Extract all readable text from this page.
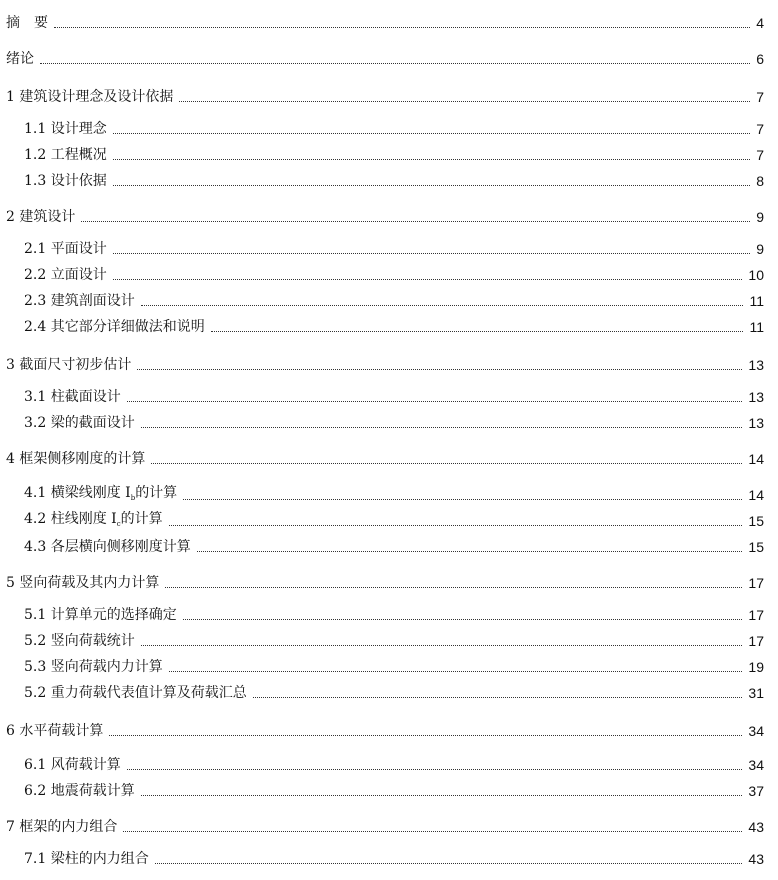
摘　要	4
绪论	6
1 建筑设计理念及设计依据	7
1.1 设计理念	7
1.2 工程概况	7
1.3 设计依据	8
2 建筑设计	9
2.1 平面设计	9
2.2 立面设计	10
2.3 建筑剖面设计	11
2.4 其它部分详细做法和说明	11
3 截面尺寸初步估计	13
3.1 柱截面设计	13
3.2 梁的截面设计	13
4 框架侧移刚度的计算	14
4.1 横梁线刚度 $I_b$的计算	14
4.2 柱线刚度 $I_c$的计算	15
4.3 各层横向侧移刚度计算	15
5 竖向荷载及其内力计算	17
5.1 计算单元的选择确定	17
5.2 竖向荷载统计	17
5.3 竖向荷载内力计算	19
5.2 重力荷载代表值计算及荷载汇总	31
6 水平荷载计算	34
6.1 风荷载计算	34
6.2 地震荷载计算	37
7 框架的内力组合	43
7.1 梁柱的内力组合	43
